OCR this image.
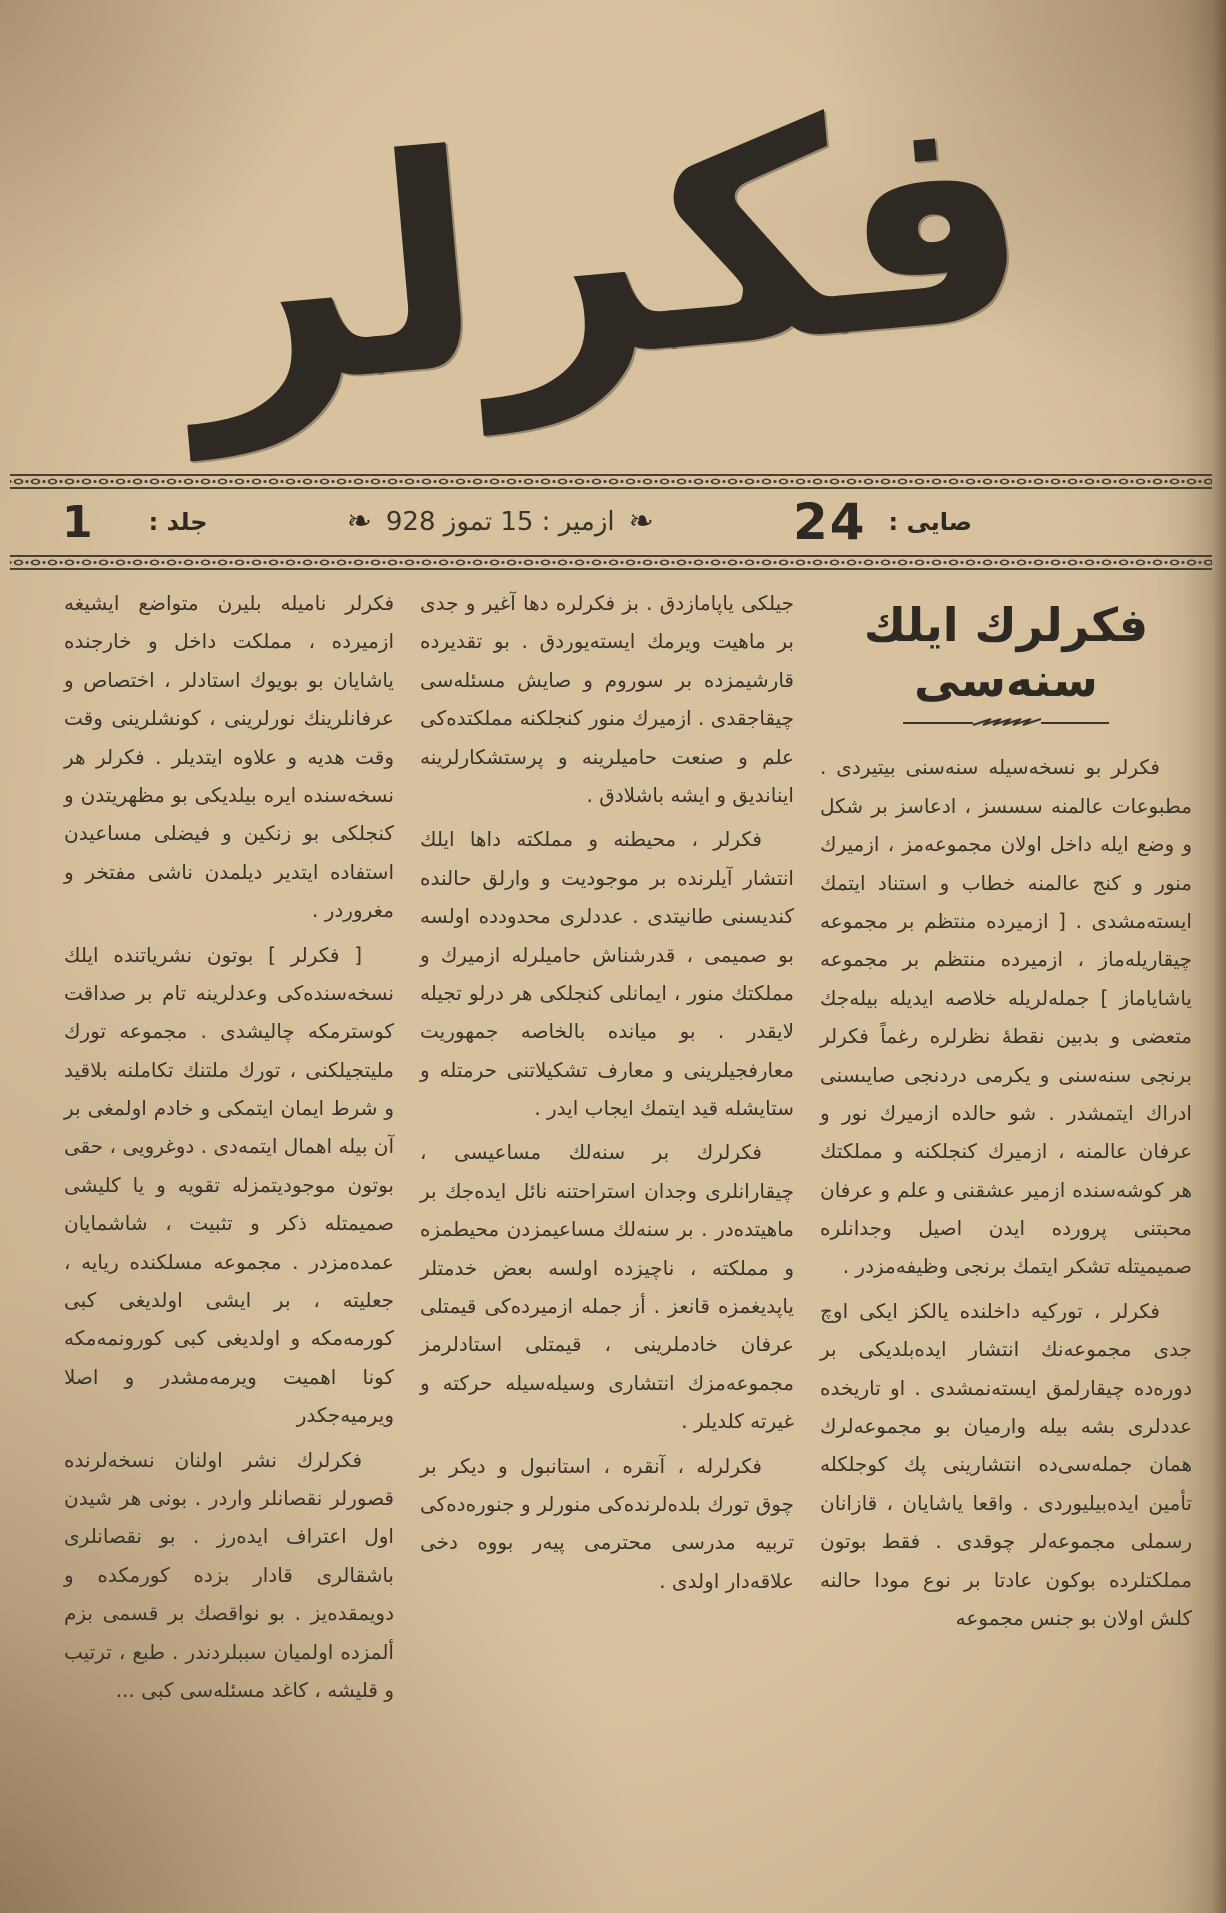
فكرلر
صايى :
24
❧
ازمير : 15 تموز 928
❧
جلد :
1
فكرلرك ايلك سنه‌سى

فكرلر بو نسخه‌سيله سنه‌سنى بيتيردى . مطبوعات عالمنه سسسز ، ادعاسز بر شكل و وضع ايله داخل اولان مجموعه‌مز ، ازميرك منور و كنج عالمنه خطاب و استناد ايتمك ايسته‌مشدى . [ ازميرده منتظم بر مجموعه چيقاريله‌ماز ، ازميرده منتظم بر مجموعه ياشاياماز ] جمله‌لريله خلاصه ايديله بيله‌جك متعضى و بدبين نقطهٔ نظرلره رغماً فكرلر برنجى سنه‌سنى و يكرمى دردنجى صايىسنى ادراك ايتمشدر . شو حالده ازميرك نور و عرفان عالمنه ، ازميرك كنجلكنه و مملكتك هر كوشه‌سنده ازمير عشقنى و علم و عرفان محبتنى پرورده ايدن اصيل وجدانلره صميميتله تشكر ايتمك برنجى وظيفه‌مزدر .

فكرلر ، توركيه داخلنده يالكز ايكى اوچ جدى مجموعه‌نك انتشار ايده‌بلديكى بر دوره‌ده چيقارلمق ايسته‌نمشدى . او تاريخده عددلرى بشه بيله وارميان بو مجموعه‌لرك همان جمله‌سى‌ده انتشارينى پك كوجلكله تأمين ايده‌بيليوردى . واقعا ياشايان ، قازانان رسملى مجموعه‌لر چوقدى . فقط بوتون مملكتلرده بوكون عادتا بر نوع مودا حالنه كلش اولان بو جنس مجموعه‌

جيلكى ياپامازدق . بز فكرلره دها آغير و جدى بر ماهيت ويرمك ايسته‌يوردق . بو تقديرده قارشيمزده بر سوروم و صايش مسئله‌سى چيقاجقدى . ازميرك منور كنجلكنه مملكتده‌كى علم و صنعت حاميلرينه و پرستشكارلرينه اينانديق و ايشه باشلادق .

فكرلر ، محيطنه و مملكته داها ايلك انتشار آيلرنده بر موجوديت و وارلق حالنده كنديسنى طانيتدى . عددلرى محدودده اولسه بو صميمى ، قدرشناش حاميلرله ازميرك و مملكتك منور ، ايمانلى كنجلكى هر درلو تجيله لايقدر . بو مياندە بالخاصه جمهوريت معارفجيلرينى و معارف تشكيلاتنى حرمتله و ستايشله قيد ايتمك ايجاب ايدر .

فكرلرك بر سنه‌لك مساعيسى ، چيقارانلرى وجدان استراحتنه نائل ايده‌جك بر ماهيتده‌در . بر سنه‌لك مساعيمزدن محيطمزه و مملكته ، ناچيزده اولسه بعض خدمتلر ياپديغمزه قانعز . أز جمله ازميرده‌كى قيمتلى عرفان خادملرينى ، قيمتلى استادلرمز مجموعه‌مزك انتشارى وسيله‌سيله حركته و غيرته كلديلر .

فكرلرله ، آنقره ، استانبول و ديكر بر چوق تورك بلده‌لرنده‌كى منورلر و جنوره‌ده‌كى تربيه مدرسى محترمى پيەر بووه دخى علاقه‌دار اولدى .

فكرلر ناميله بليرن متواضع ايشيغه ازميرده ، مملكت داخل و خارجنده ياشايان بو بويوك استادلر ، اختصاص و عرفانلرينك نورلرينى ، كونشلرينى وقت وقت هديه و علاوه ايتديلر . فكرلر هر نسخه‌سنده ايره بيلديكى بو مظهريتدن و كنجلكى بو زنكين و فيضلى مساعيدن استفاده ايتدير ديلمدن ناشى مفتخر و مغروردر .

[ فكرلر ] بوتون نشرياتنده ايلك نسخه‌سنده‌كى وعدلرينه تام بر صداقت كوسترمكه چاليشدى . مجموعه تورك مليتجيلكنى ، تورك ملتنك تكاملنه بلاقيد و شرط ايمان ايتمكى و خادم اولمغى بر آن بيله اهمال ايتمه‌دى . دوغرويى ، حقى بوتون موجوديتمزله تقويه و يا كليشى صميمتله ذكر و تثبيت ، شاشمايان عمده‌مزدر . مجموعه مسلكنده ريايه ، جعليته ، بر ايشى اولديغى كبى كورمه‌مكه و اولديغى كبى كورونمه‌مكه كونا اهميت ويرمه‌مشدر و اصلا ويرميه‌جكدر

فكرلرك نشر اولنان نسخه‌لرنده قصورلر نقصانلر واردر . بونى هر شيدن اول اعتراف ايده‌رز . بو نقصانلرى باشقالرى قادار بزده كورمكده و دويمقده‌يز . بو نواقصك بر قسمى بزم ألمزده اولميان سببلردندر . طبع ، ترتيب و قليشه ، كاغد مسئله‌سى كبى ...
